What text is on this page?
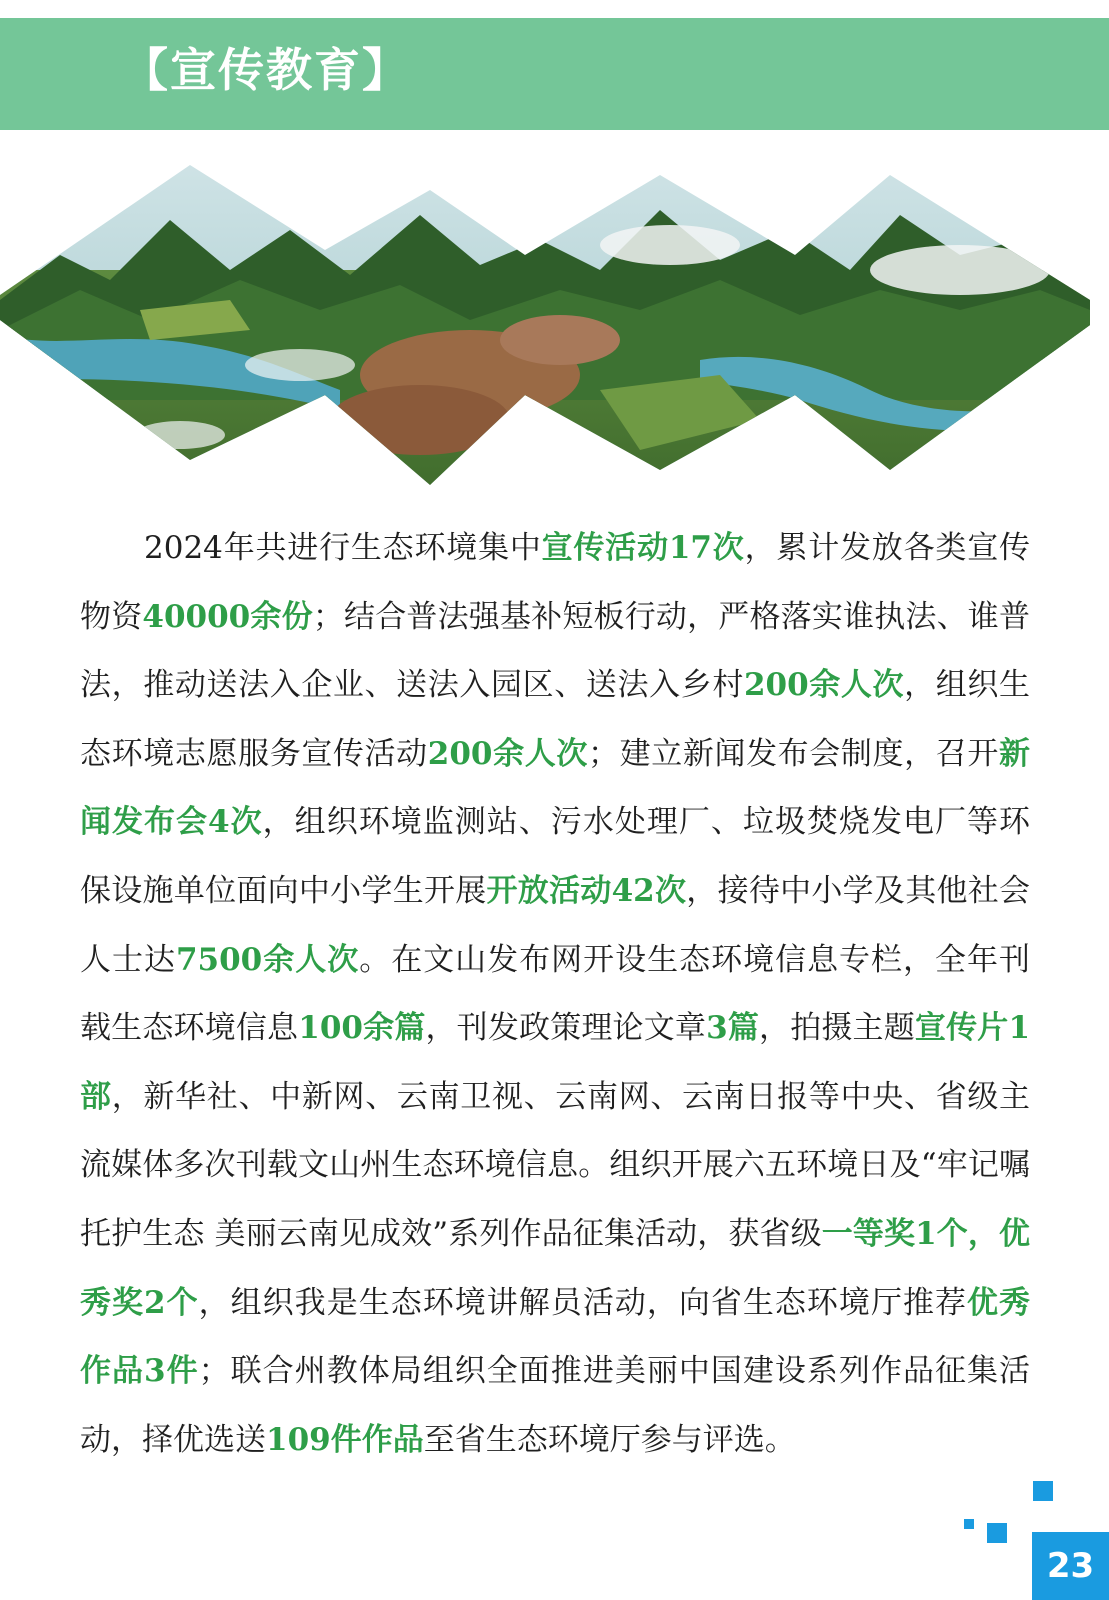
【宣传教育】

2024年共进行生态环境集中宣传活动17次，累计发放各类宣传物资40000余份；结合普法强基补短板行动，严格落实谁执法、谁普法，推动送法入企业、送法入园区、送法入乡村200余人次，组织生态环境志愿服务宣传活动200余人次；建立新闻发布会制度，召开新闻发布会4次，组织环境监测站、污水处理厂、垃圾焚烧发电厂等环保设施单位面向中小学生开展开放活动42次，接待中小学及其他社会人士达7500余人次。在文山发布网开设生态环境信息专栏，全年刊载生态环境信息100余篇，刊发政策理论文章3篇，拍摄主题宣传片1部，新华社、中新网、云南卫视、云南网、云南日报等中央、省级主流媒体多次刊载文山州生态环境信息。组织开展六五环境日及“牢记嘱托护生态 美丽云南见成效”系列作品征集活动，获省级一等奖1个，优秀奖2个，组织我是生态环境讲解员活动，向省生态环境厅推荐优秀作品3件；联合州教体局组织全面推进美丽中国建设系列作品征集活动，择优选送109件作品至省生态环境厅参与评选。

23
